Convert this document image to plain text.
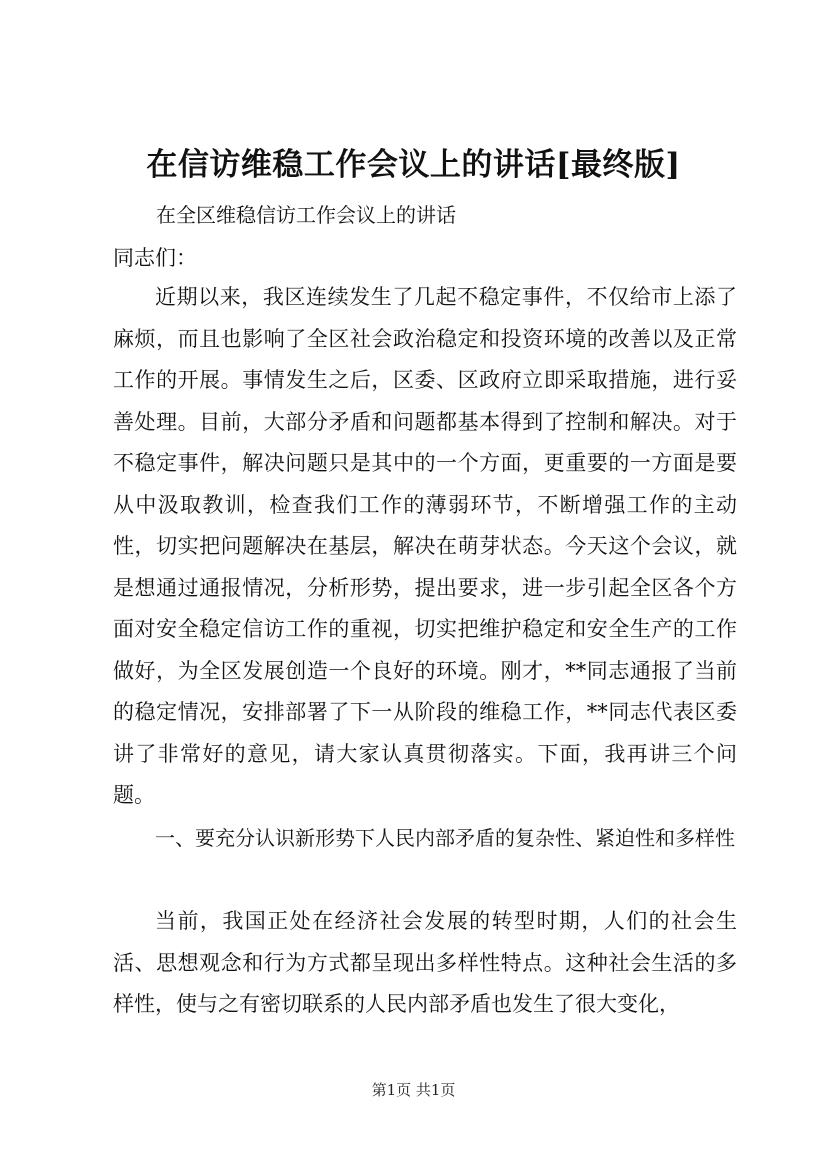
在信访维稳工作会议上的讲话[最终版]
在全区维稳信访工作会议上的讲话
同志们：
近期以来，我区连续发生了几起不稳定事件，不仅给市上添了麻烦，而且也影响了全区社会政治稳定和投资环境的改善以及正常工作的开展。事情发生之后，区委、区政府立即采取措施，进行妥善处理。目前，大部分矛盾和问题都基本得到了控制和解决。对于不稳定事件，解决问题只是其中的一个方面，更重要的一方面是要从中汲取教训，检查我们工作的薄弱环节，不断增强工作的主动性，切实把问题解决在基层，解决在萌芽状态。今天这个会议，就是想通过通报情况，分析形势，提出要求，进一步引起全区各个方面对安全稳定信访工作的重视，切实把维护稳定和安全生产的工作做好，为全区发展创造一个良好的环境。刚才，**同志通报了当前的稳定情况，安排部署了下一从阶段的维稳工作，**同志代表区委讲了非常好的意见，请大家认真贯彻落实。下面，我再讲三个问题。
一、要充分认识新形势下人民内部矛盾的复杂性、紧迫性和多样性
当前，我国正处在经济社会发展的转型时期，人们的社会生活、思想观念和行为方式都呈现出多样性特点。这种社会生活的多样性，使与之有密切联系的人民内部矛盾也发生了很大变化，
第1页 共1页
